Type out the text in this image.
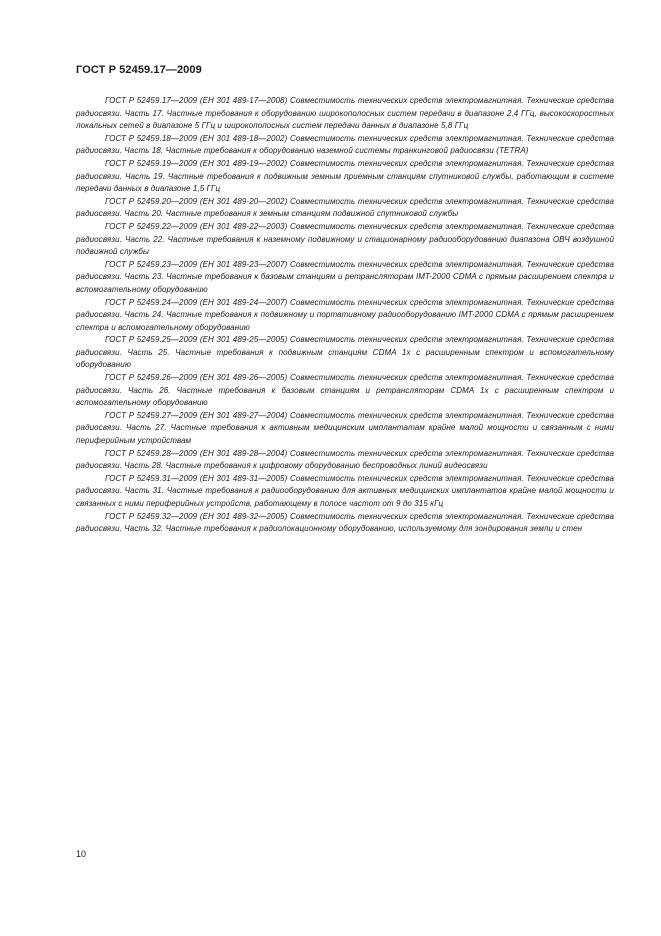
ГОСТ Р 52459.17—2009

ГОСТ Р 52459.17—2009 (ЕН 301 489-17—2008) Совместимость технических средств электромагнитная. Технические средства радиосвязи. Часть 17. Частные требования к оборудованию широкополосных систем передачи в диапазоне 2,4 ГГц, высокоскоростных локальных сетей в диапазоне 5 ГГц и широкополосных систем передачи данных в диапазоне 5,8 ГГц

ГОСТ Р 52459.18—2009 (ЕН 301 489-18—2002) Совместимость технических средств электромагнитная. Технические средства радиосвязи. Часть 18. Частные требования к оборудованию наземной системы транкинговой радиосвязи (TETRA)

ГОСТ Р 52459.19—2009 (ЕН 301 489-19—2002) Совместимость технических средств электромагнитная. Технические средства радиосвязи. Часть 19. Частные требования к подвижным земным приемным станциям спутниковой службы, работающим в системе передачи данных в диапазоне 1,5 ГГц

ГОСТ Р 52459.20—2009 (ЕН 301 489-20—2002) Совместимость технических средств электромагнитная. Технические средства радиосвязи. Часть 20. Частные требования к земным станциям подвижной спутниковой службы

ГОСТ Р 52459.22—2009 (ЕН 301 489-22—2003) Совместимость технических средств электромагнитная. Технические средства радиосвязи. Часть 22. Частные требования к наземному подвижному и стационарному радиооборудованию диапазона ОВЧ воздушной подвижной службы

ГОСТ Р 52459.23—2009 (ЕН 301 489-23—2007) Совместимость технических средств электромагнитная. Технические средства радиосвязи. Часть 23. Частные требования к базовым станциям и ретрансляторам IMT-2000 CDMA с прямым расширением спектра и вспомогательному оборудованию

ГОСТ Р 52459.24—2009 (ЕН 301 489-24—2007) Совместимость технических средств электромагнитная. Технические средства радиосвязи. Часть 24. Частные требования к подвижному и портативному радиооборудованию IMT-2000 CDMA с прямым расширением спектра и вспомогательному оборудованию

ГОСТ Р 52459.25—2009 (ЕН 301 489-25—2005) Совместимость технических средств электромагнитная. Технические средства радиосвязи. Часть 25. Частные требования к подвижным станциям CDMA 1x с расширенным спектром и вспомогательному оборудованию

ГОСТ Р 52459.26—2009 (ЕН 301 489-26—2005) Совместимость технических средств электромагнитная. Технические средства радиосвязи. Часть 26. Частные требования к базовым станциям и ретрансляторам CDMA 1x с расширенным спектром и вспомогательному оборудованию

ГОСТ Р 52459.27—2009 (ЕН 301 489-27—2004) Совместимость технических средств электромагнитная. Технические средства радиосвязи. Часть 27. Частные требования к активным медицинским имплантатам крайне малой мощности и связанным с ними периферийным устройствам

ГОСТ Р 52459.28—2009 (ЕН 301 489-28—2004) Совместимость технических средств электромагнитная. Технические средства радиосвязи. Часть 28. Частные требования к цифровому оборудованию беспроводных линий видеосвязи

ГОСТ Р 52459.31—2009 (ЕН 301 489-31—2005) Совместимость технических средств электромагнитная. Технические средства радиосвязи. Часть 31. Частные требования к радиооборудованию для активных медицинских имплантатов крайне малой мощности и связанных с ними периферийных устройств, работающему в полосе частот от 9 до 315 кГц

ГОСТ Р 52459.32—2009 (ЕН 301 489-32—2005) Совместимость технических средств электромагнитная. Технические средства радиосвязи. Часть 32. Частные требования к радиолокационному оборудованию, используемому для зондирования земли и стен

10
